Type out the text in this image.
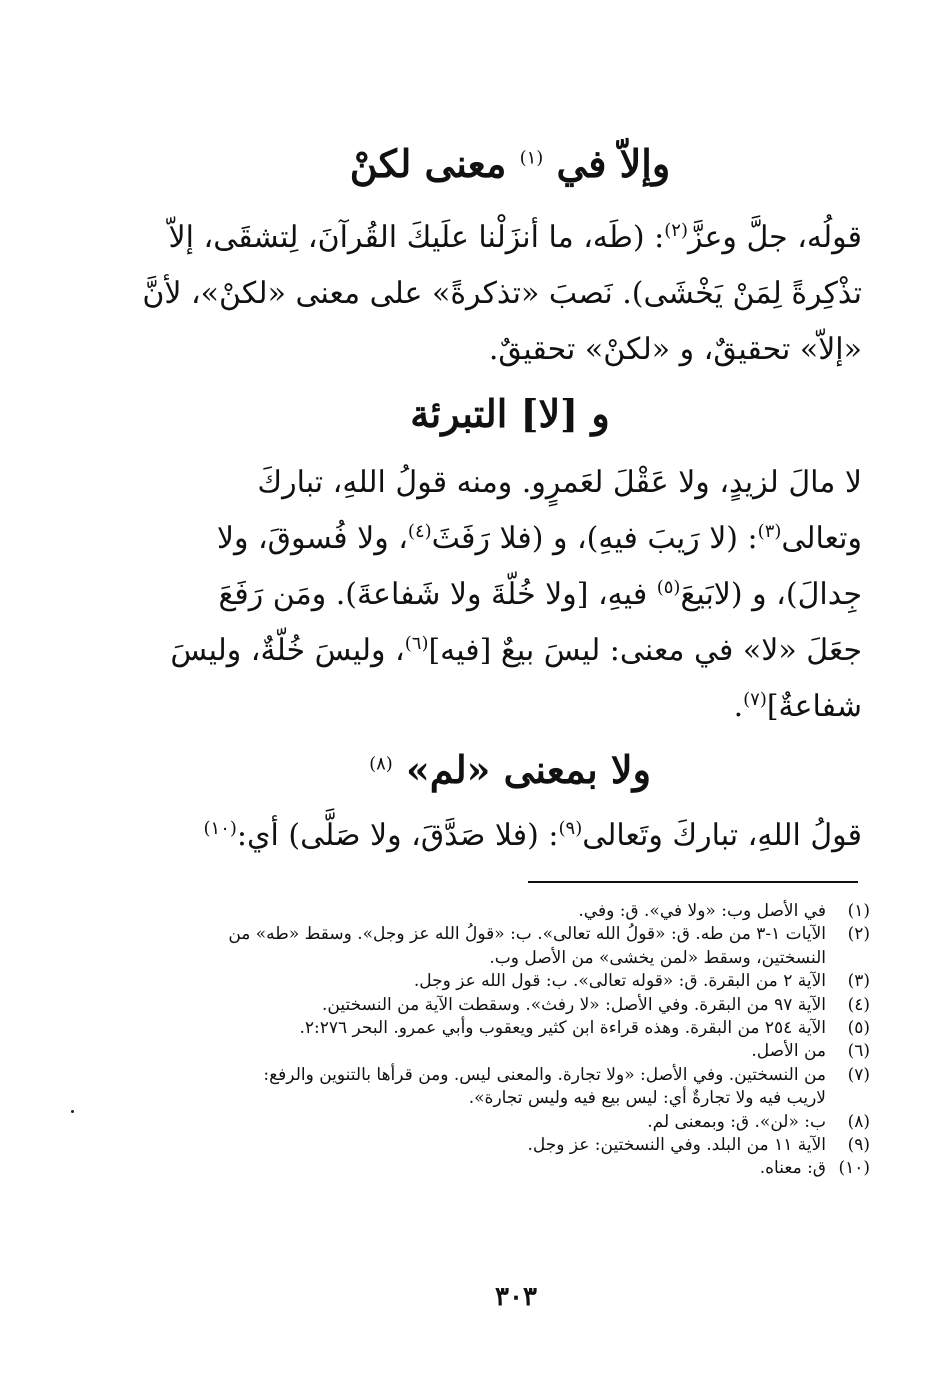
وإلاّ في $^{(١)}$ معنى لكنْ
قولُه، جلَّ وعزَّ$^{(٢)}$: (طَه، ما أنزَلْنا علَيكَ القُرآنَ، لِتشقَى، إلاّ
تذْكِرةً لِمَنْ يَخْشَى). نَصبَ «تذكرةً» على معنى «لكنْ»، لأنَّ
«إلاّ» تحقيقٌ، و «لكنْ» تحقيقٌ.
و [لا] التبرئة
لا مالَ لزيدٍ، ولا عَقْلَ لعَمرٍو. ومنه قولُ اللهِ، تباركَ
وتعالى$^{(٣)}$: (لا رَيبَ فيهِ)، و (فلا رَفَثَ$^{(٤)}$، ولا فُسوقَ، ولا
جِدالَ)، و (لابَيعَ$^{(٥)}$ فيهِ، [ولا خُلّةَ ولا شَفاعةَ). ومَن رَفَعَ
جعَلَ «لا» في معنى: ليسَ بيعٌ [فيه]$^{(٦)}$، وليسَ خُلّةٌ، وليسَ
شفاعةٌ]$^{(٧)}$.
ولا بمعنى «لم» $^{(٨)}$
قولُ اللهِ، تباركَ وتَعالى$^{(٩)}$: (فلا صَدَّقَ، ولا صَلَّى) أي:$^{(١٠)}$
(١)
في الأصل وب: «ولا في». ق: وفي.
(٢)
الآيات ١-٣ من طه. ق: «قولُ الله تعالى». ب: «قولُ الله عز وجل». وسقط «طه» من
النسختين، وسقط «لمن يخشى» من الأصل وب.
(٣)
الآية ٢ من البقرة. ق: «قوله تعالى». ب: قول الله عز وجل.
(٤)
الآية ٩٧ من البقرة. وفي الأصل: «لا رفث». وسقطت الآية من النسختين.
(٥)
الآية ٢٥٤ من البقرة. وهذه قراءة ابن كثير ويعقوب وأبي عمرو. البحر ٢:٢٧٦.
(٦)
من الأصل.
(٧)
من النسختين. وفي الأصل: «ولا تجارة. والمعنى ليس. ومن قرأها بالتنوين والرفع:
لاريب فيه ولا تجارةٌ أي: ليس بيع فيه وليس تجارة».
(٨)
ب: «لن». ق: وبمعنى لم.
(٩)
الآية ١١ من البلد. وفي النسختين: عز وجل.
(١٠)
ق: معناه.
٣٠٣
